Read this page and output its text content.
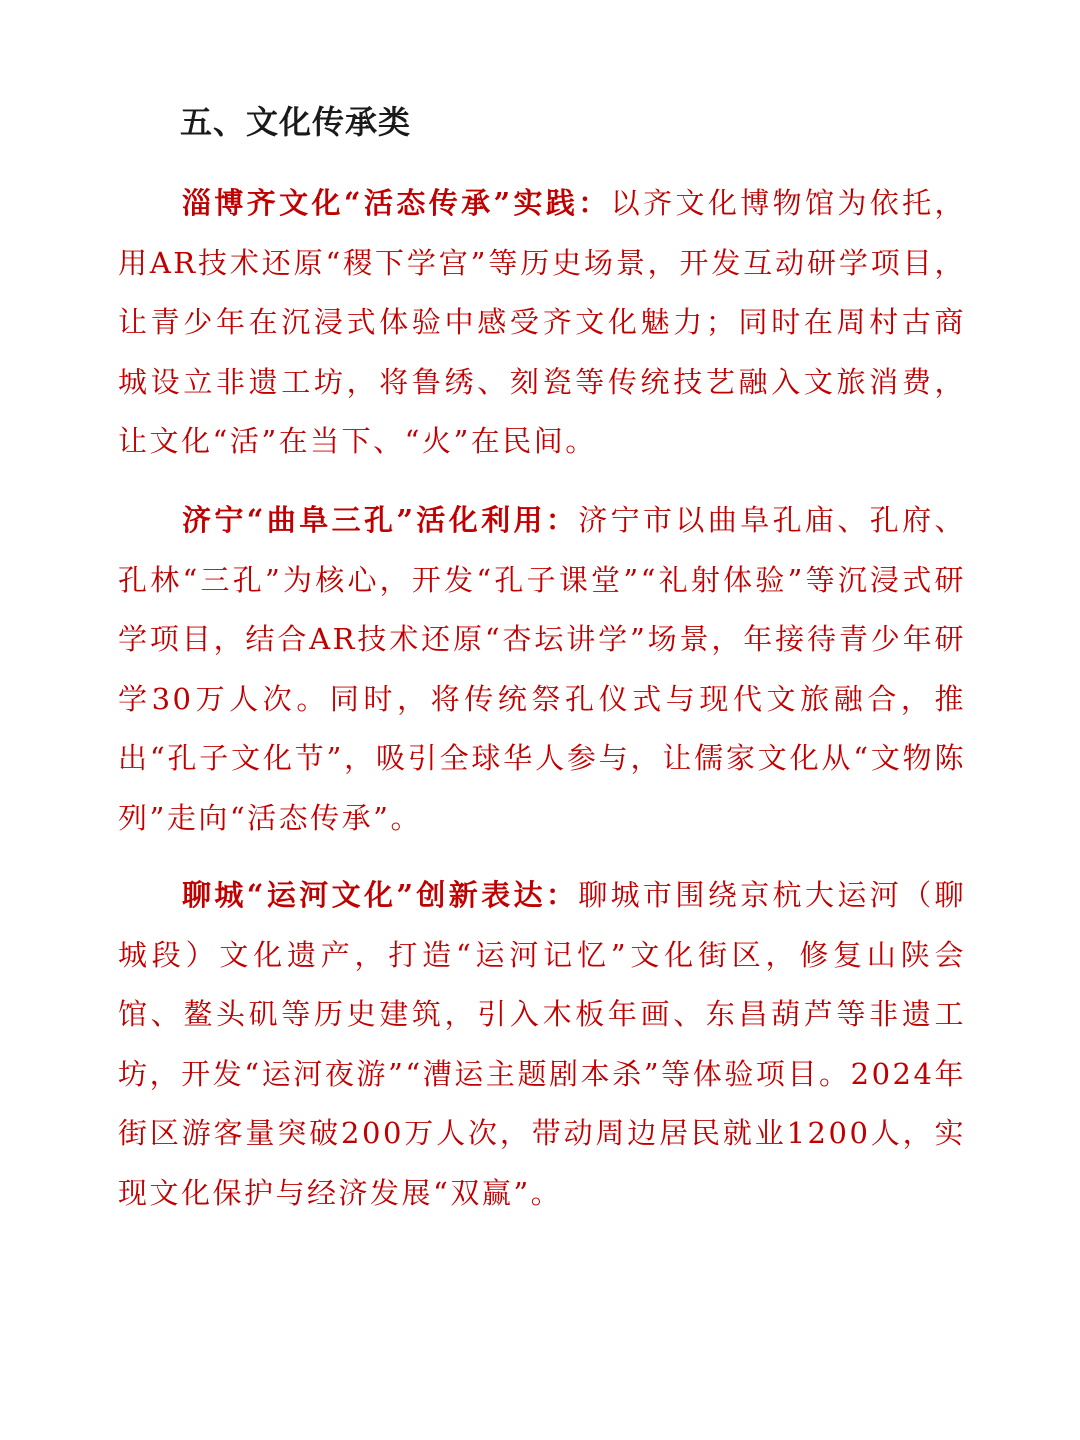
五、文化传承类

淄博齐文化“活态传承”实践：以齐文化博物馆为依托，用AR技术还原“稷下学宫”等历史场景，开发互动研学项目，让青少年在沉浸式体验中感受齐文化魅力；同时在周村古商城设立非遗工坊，将鲁绣、刻瓷等传统技艺融入文旅消费，让文化“活”在当下、“火”在民间。

济宁“曲阜三孔”活化利用：济宁市以曲阜孔庙、孔府、孔林“三孔”为核心，开发“孔子课堂”“礼射体验”等沉浸式研学项目，结合AR技术还原“杏坛讲学”场景，年接待青少年研学30万人次。同时，将传统祭孔仪式与现代文旅融合，推出“孔子文化节”，吸引全球华人参与，让儒家文化从“文物陈列”走向“活态传承”。

聊城“运河文化”创新表达：聊城市围绕京杭大运河（聊城段）文化遗产，打造“运河记忆”文化街区，修复山陕会馆、鳌头矶等历史建筑，引入木板年画、东昌葫芦等非遗工坊，开发“运河夜游”“漕运主题剧本杀”等体验项目。2024年街区游客量突破200万人次，带动周边居民就业1200人，实现文化保护与经济发展“双赢”。
